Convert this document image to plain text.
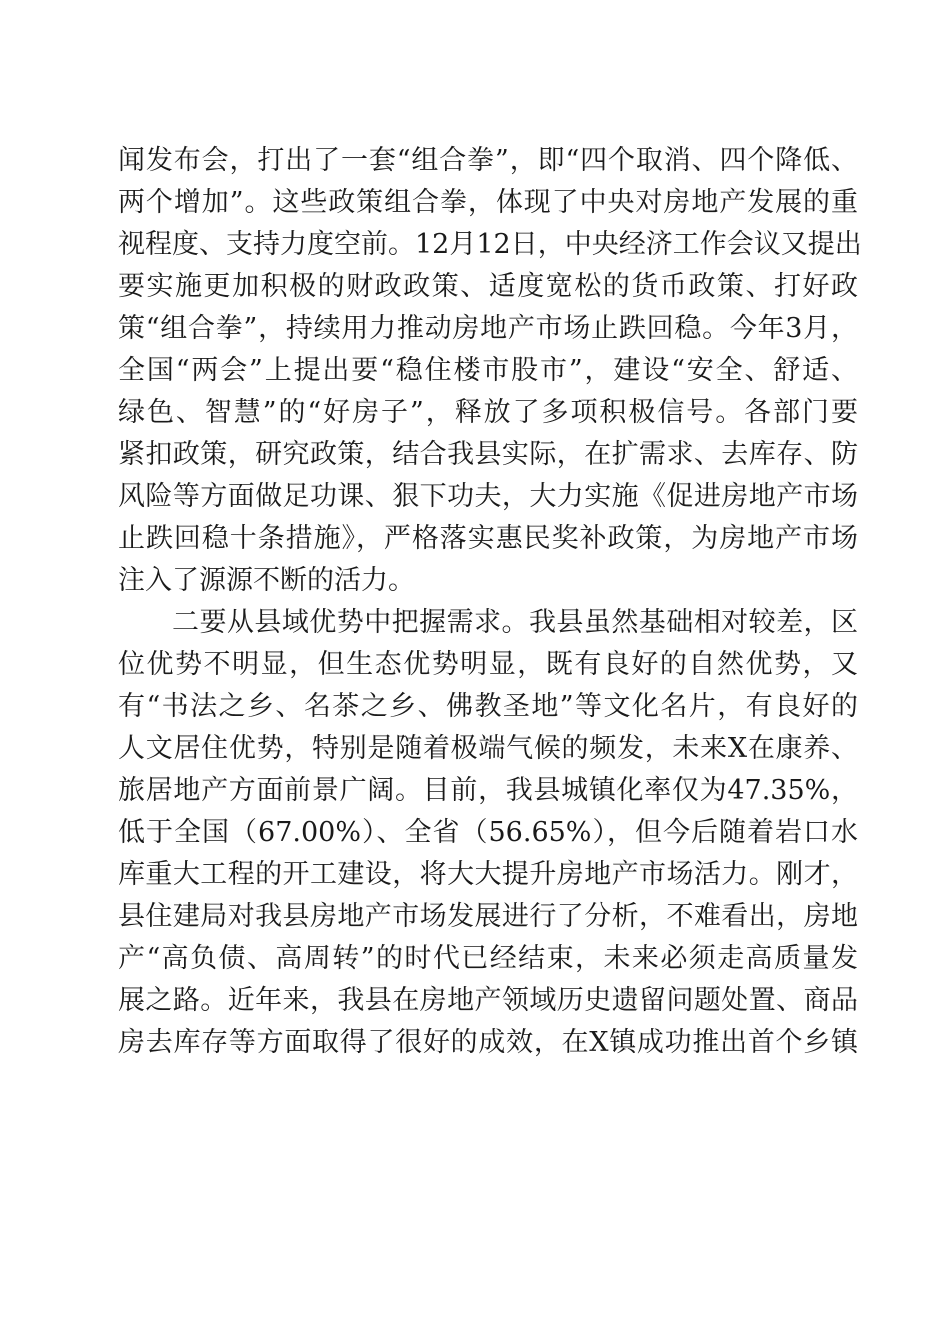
闻发布会，打出了一套“组合拳”，即“四个取消、四个降低、

两个增加”。这些政策组合拳，体现了中央对房地产发展的重

视程度、支持力度空前。12月12日，中央经济工作会议又提出

要实施更加积极的财政政策、适度宽松的货币政策、打好政

策“组合拳”，持续用力推动房地产市场止跌回稳。今年3月，

全国“两会”上提出要“稳住楼市股市”，建设“安全、舒适、

绿色、智慧”的“好房子”，释放了多项积极信号。各部门要

紧扣政策，研究政策，结合我县实际，在扩需求、去库存、防

风险等方面做足功课、狠下功夫，大力实施《促进房地产市场

止跌回稳十条措施》，严格落实惠民奖补政策，为房地产市场

注入了源源不断的活力。

二要从县域优势中把握需求。我县虽然基础相对较差，区

位优势不明显，但生态优势明显，既有良好的自然优势，又

有“书法之乡、名茶之乡、佛教圣地”等文化名片，有良好的

人文居住优势，特别是随着极端气候的频发，未来X在康养、

旅居地产方面前景广阔。目前，我县城镇化率仅为47.35%，

低于全国（67.00%）、全省（56.65%），但今后随着岩口水

库重大工程的开工建设，将大大提升房地产市场活力。刚才，

县住建局对我县房地产市场发展进行了分析，不难看出，房地

产“高负债、高周转”的时代已经结束，未来必须走高质量发

展之路。近年来，我县在房地产领域历史遗留问题处置、商品

房去库存等方面取得了很好的成效，在X镇成功推出首个乡镇
